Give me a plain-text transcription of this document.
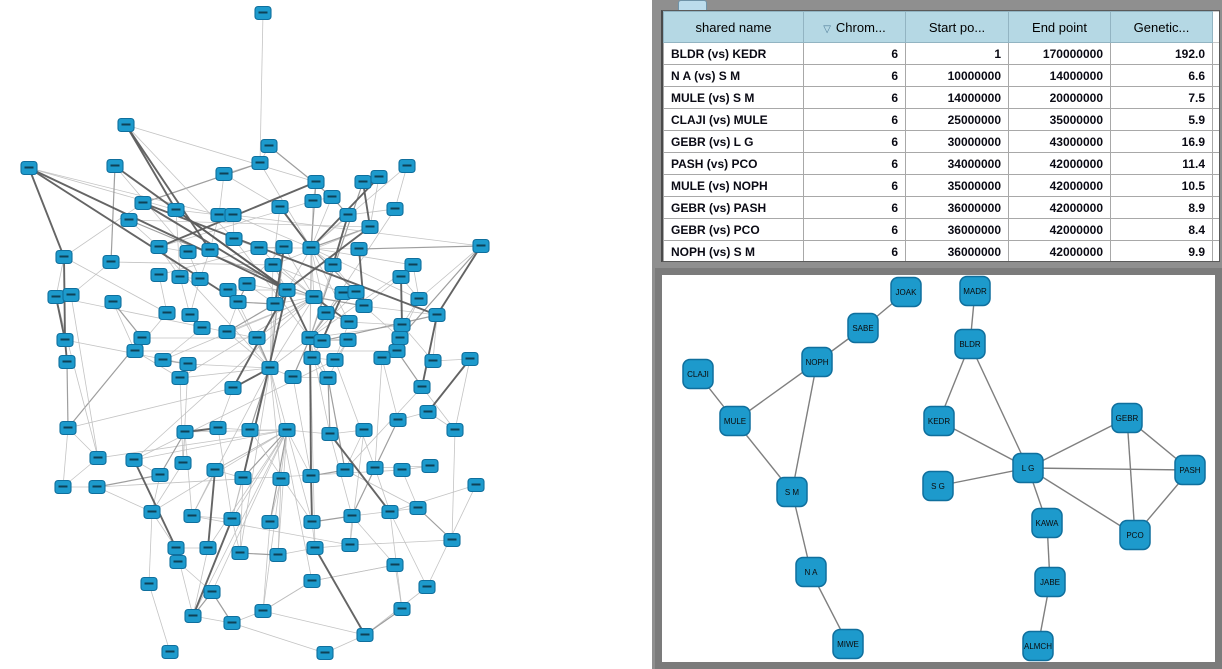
shared name	▽ Chrom...	Start po...	End point	Genetic...	
BLDR (vs) KEDR	6	1	170000000	192.0	
N A (vs) S M	6	10000000	14000000	6.6	
MULE (vs) S M	6	14000000	20000000	7.5	
CLAJI (vs) MULE	6	25000000	35000000	5.9	
GEBR (vs) L G	6	30000000	43000000	16.9	
PASH (vs) PCO	6	34000000	42000000	11.4	
MULE (vs) NOPH	6	35000000	42000000	10.5	
GEBR (vs) PASH	6	36000000	42000000	8.9	
GEBR (vs) PCO	6	36000000	42000000	8.4	
NOPH (vs) S M	6	36000000	42000000	9.9	
JOAK
SABE
NOPH
CLAJI
MULE
S M
N A
MIWE
MADR
BLDR
KEDR
S G
L G
KAWA
JABE
ALMCH
GEBR
PASH
PCO
